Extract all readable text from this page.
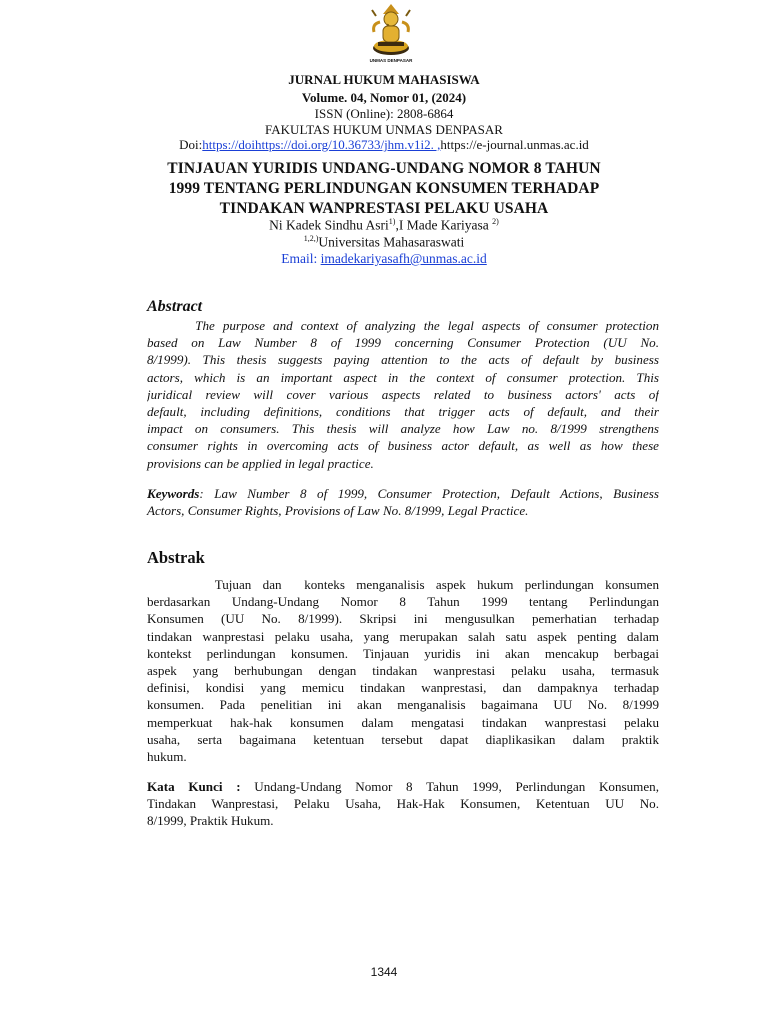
UNMAS DENPASAR
JURNAL HUKUM MAHASISWA
Volume. 04, Nomor 01, (2024)
ISSN (Online): 2808-6864
FAKULTAS HUKUM UNMAS DENPASAR
Doi:https://doihttps://doi.org/10.36733/jhm.v1i2. ,https://e-journal.unmas.ac.id
TINJAUAN YURIDIS UNDANG-UNDANG NOMOR 8 TAHUN
1999 TENTANG PERLINDUNGAN KONSUMEN TERHADAP
TINDAKAN WANPRESTASI PELAKU USAHA
Ni Kadek Sindhu Asri$^{1)}$,I Made Kariyasa $^{2)}$
$^{1,2,)}$Universitas Mahasaraswati
Email: imadekariyasafh@unmas.ac.id
Abstract
The purpose and context of analyzing the legal aspects of consumer protection
based on Law Number 8 of 1999 concerning Consumer Protection (UU No.
8/1999). This thesis suggests paying attention to the acts of default by business
actors, which is an important aspect in the context of consumer protection. This
juridical review will cover various aspects related to business actors' acts of
default, including definitions, conditions that trigger acts of default, and their
impact on consumers. This thesis will analyze how Law no. 8/1999 strengthens
consumer rights in overcoming acts of business actor default, as well as how these
provisions can be applied in legal practice.
Keywords: Law Number 8 of 1999, Consumer Protection, Default Actions, Business
Actors, Consumer Rights, Provisions of Law No. 8/1999, Legal Practice.
Abstrak
Tujuan dan  konteks menganalisis aspek hukum perlindungan konsumen
berdasarkan Undang-Undang Nomor 8 Tahun 1999 tentang Perlindungan
Konsumen (UU No. 8/1999). Skripsi ini mengusulkan pemerhatian terhadap
tindakan wanprestasi pelaku usaha, yang merupakan salah satu aspek penting dalam
kontekst perlindungan konsumen. Tinjauan yuridis ini akan mencakup berbagai
aspek yang berhubungan dengan tindakan wanprestasi pelaku usaha, termasuk
definisi, kondisi yang memicu tindakan wanprestasi, dan dampaknya terhadap
konsumen. Pada penelitian ini akan menganalisis bagaimana UU No. 8/1999
memperkuat hak-hak konsumen dalam mengatasi tindakan wanprestasi pelaku
usaha, serta bagaimana ketentuan tersebut dapat diaplikasikan dalam praktik
hukum.
Kata Kunci : Undang-Undang Nomor 8 Tahun 1999, Perlindungan Konsumen,
Tindakan Wanprestasi, Pelaku Usaha, Hak-Hak Konsumen, Ketentuan UU No.
8/1999, Praktik Hukum.
1344
